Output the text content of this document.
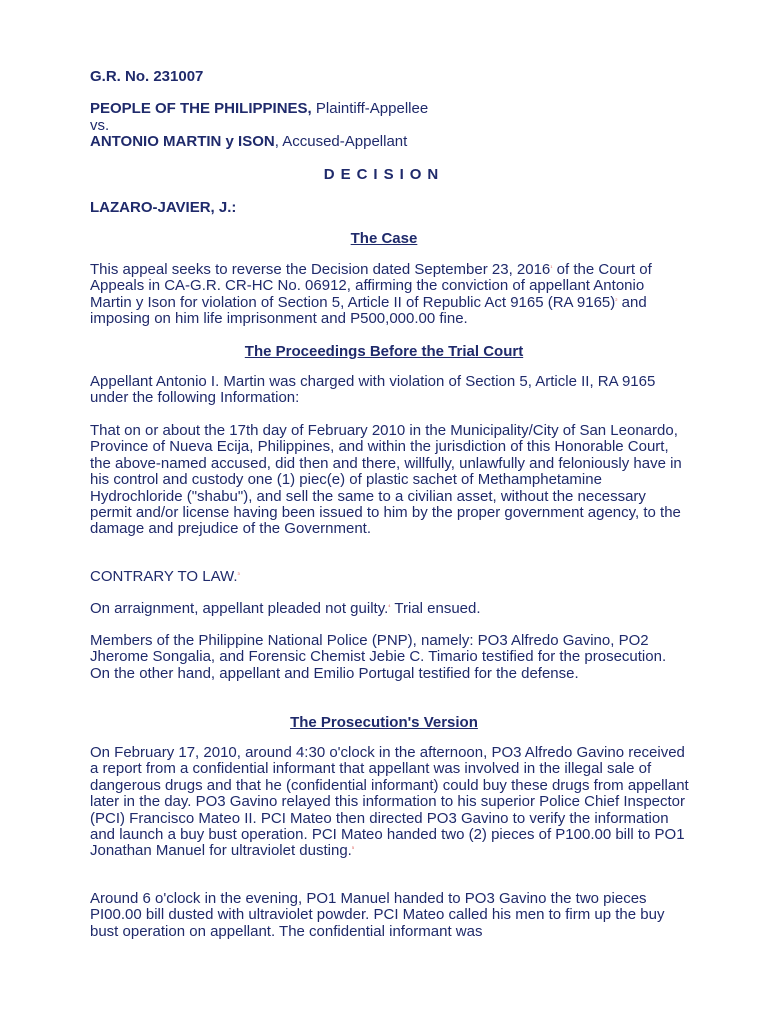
G.R. No. 231007
PEOPLE OF THE PHILIPPINES, Plaintiff-Appellee
vs.
ANTONIO MARTIN y ISON, Accused-Appellant
DECISION
LAZARO-JAVIER, J.:
The Case
This appeal seeks to reverse the Decision dated September 23, 2016$^1$ of the Court of Appeals in CA-G.R. CR-HC No. 06912, affirming the conviction of appellant Antonio Martin y Ison for violation of Section 5, Article II of Republic Act 9165 (RA 9165)$^2$ and imposing on him life imprisonment and P500,000.00 fine.
The Proceedings Before the Trial Court
Appellant Antonio I. Martin was charged with violation of Section 5, Article II, RA 9165 under the following Information:
That on or about the 17th day of February 2010 in the Municipality/City of San Leonardo, Province of Nueva Ecija, Philippines, and within the jurisdiction of this Honorable Court, the above-named accused, did then and there, willfully, unlawfully and feloniously have in his control and custody one (1) piec(e) of plastic sachet of Methamphetamine Hydrochloride ("shabu"), and sell the same to a civilian asset, without the necessary permit and/or license having been issued to him by the proper government agency, to the damage and prejudice of the Government.
CONTRARY TO LAW.$^3$
On arraignment, appellant pleaded not guilty.$^4$ Trial ensued.
Members of the Philippine National Police (PNP), namely: PO3 Alfredo Gavino, PO2 Jherome Songalia, and Forensic Chemist Jebie C. Timario testified for the prosecution. On the other hand, appellant and Emilio Portugal testified for the defense.
The Prosecution's Version
On February 17, 2010, around 4:30 o'clock in the afternoon, PO3 Alfredo Gavino received a report from a confidential informant that appellant was involved in the illegal sale of dangerous drugs and that he (confidential informant) could buy these drugs from appellant later in the day. PO3 Gavino relayed this information to his superior Police Chief Inspector (PCI) Francisco Mateo II. PCI Mateo then directed PO3 Gavino to verify the information and launch a buy bust operation. PCI Mateo handed two (2) pieces of P100.00 bill to PO1 Jonathan Manuel for ultraviolet dusting.$^5$
Around 6 o'clock in the evening, PO1 Manuel handed to PO3 Gavino the two pieces PI00.00 bill dusted with ultraviolet powder. PCI Mateo called his men to firm up the buy bust operation on appellant. The confidential informant was
